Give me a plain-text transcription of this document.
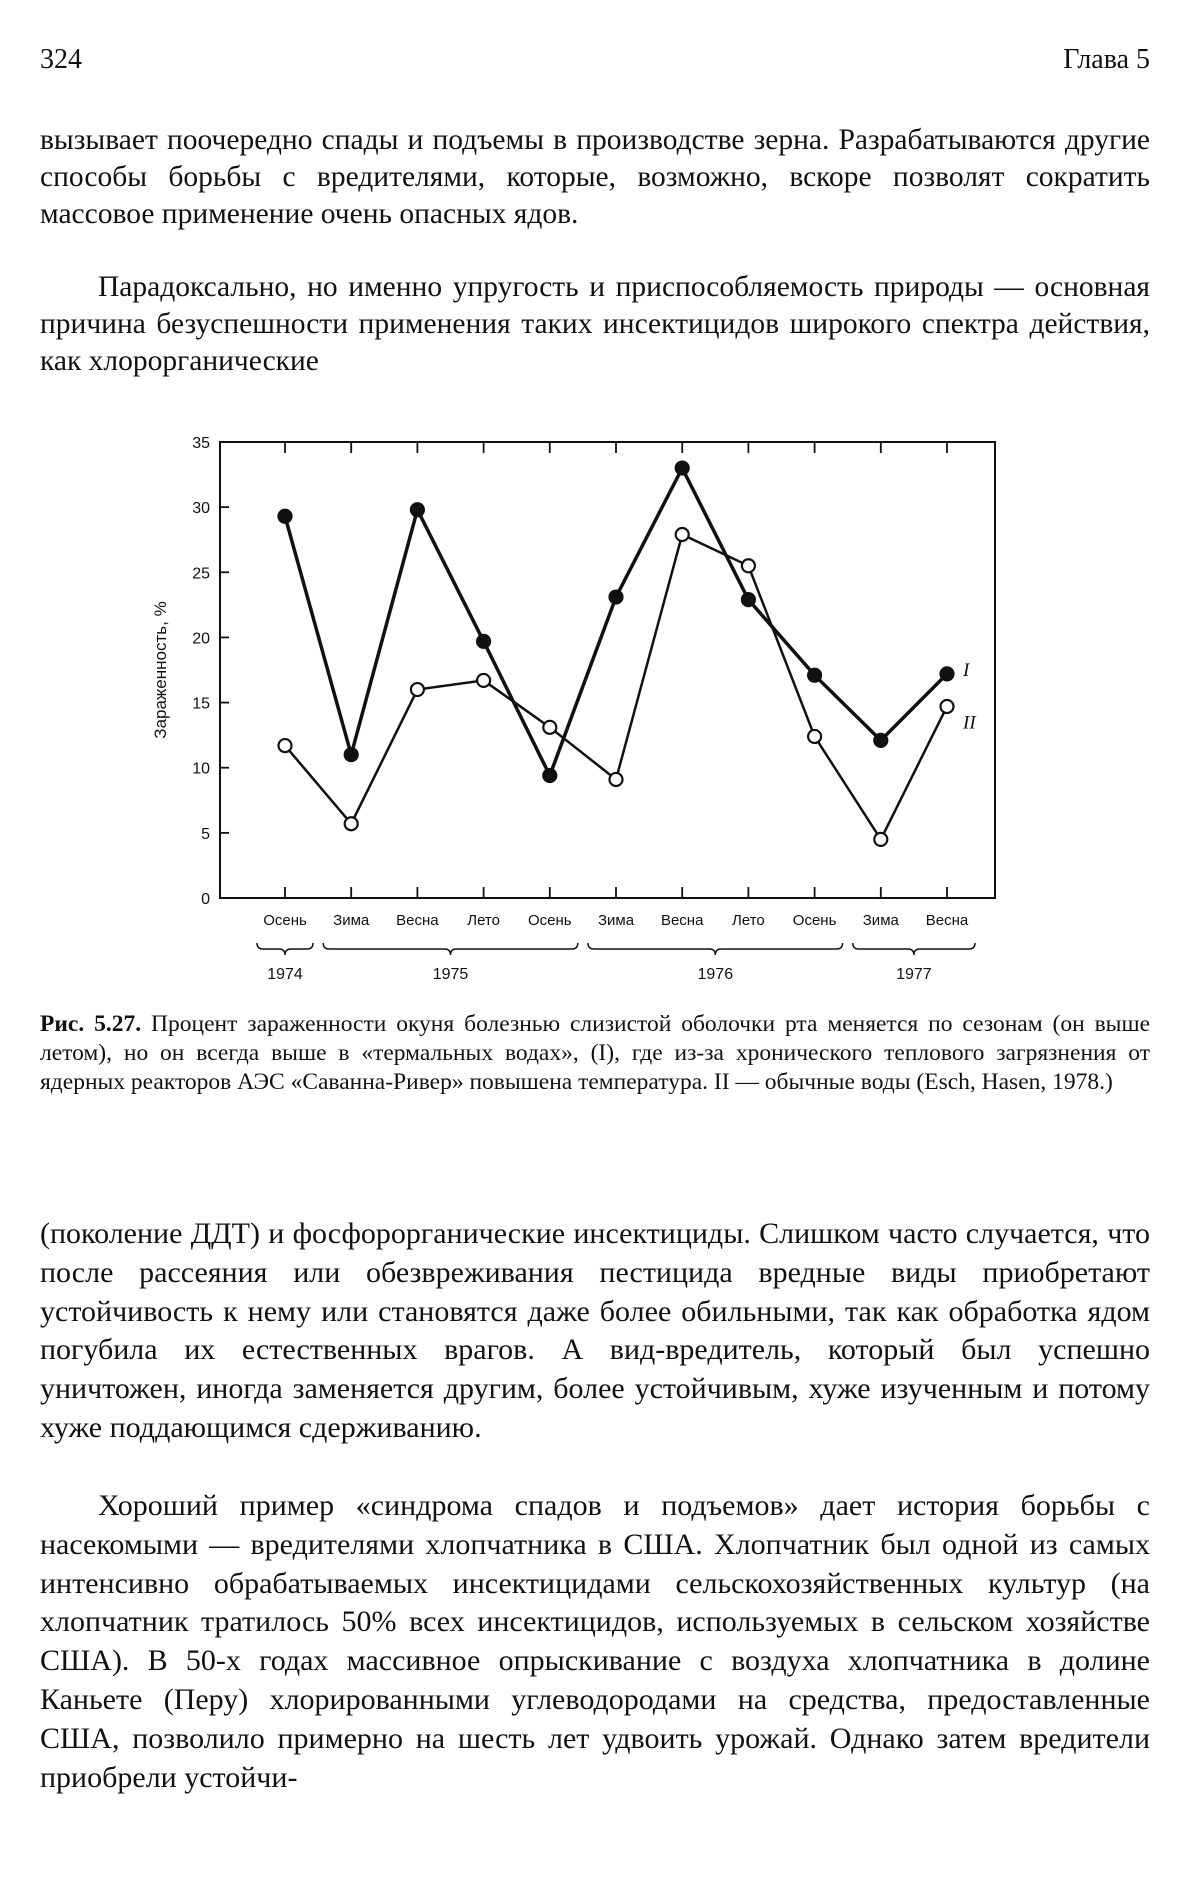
324	Глава 5

вызывает поочередно спады и подъемы в производстве зерна. Разрабатываются другие способы борьбы с вредителями, которые, возможно, вскоре позволят сократить массовое применение очень опасных ядов.

Парадоксально, но именно упругость и приспособляемость природы — основная причина безуспешности применения таких инсектицидов широкого спектра действия, как хлорорганические

0
5
10
15
20
25
30
35
Зараженность, %
Осень Зима Весна Лето Осень Зима Весна Лето Осень Зима Весна
1974	1975	1976	1977
I
II

Рис. 5.27. Процент зараженности окуня болезнью слизистой оболочки рта меняется по сезонам (он выше летом), но он всегда выше в «термальных водах», (I), где из-за хронического теплового загрязнения от ядерных реакторов АЭС «Саванна-Ривер» повышена температура. II — обычные воды (Esch, Hasen, 1978.)

(поколение ДДТ) и фосфорорганические инсектициды. Слишком часто случается, что после рассеяния или обезвреживания пестицида вредные виды приобретают устойчивость к нему или становятся даже более обильными, так как обработка ядом погубила их естественных врагов. А вид-вредитель, который был успешно уничтожен, иногда заменяется другим, более устойчивым, хуже изученным и потому хуже поддающимся сдерживанию.

Хороший пример «синдрома спадов и подъемов» дает история борьбы с насекомыми — вредителями хлопчатника в США. Хлопчатник был одной из самых интенсивно обрабатываемых инсектицидами сельскохозяйственных культур (на хлопчатник тратилось 50% всех инсектицидов, используемых в сельском хозяйстве США). В 50-х годах массивное опрыскивание с воздуха хлопчатника в долине Каньете (Перу) хлорированными углеводородами на средства, предоставленные США, позволило примерно на шесть лет удвоить урожай. Однако затем вредители приобрели устойчи-
